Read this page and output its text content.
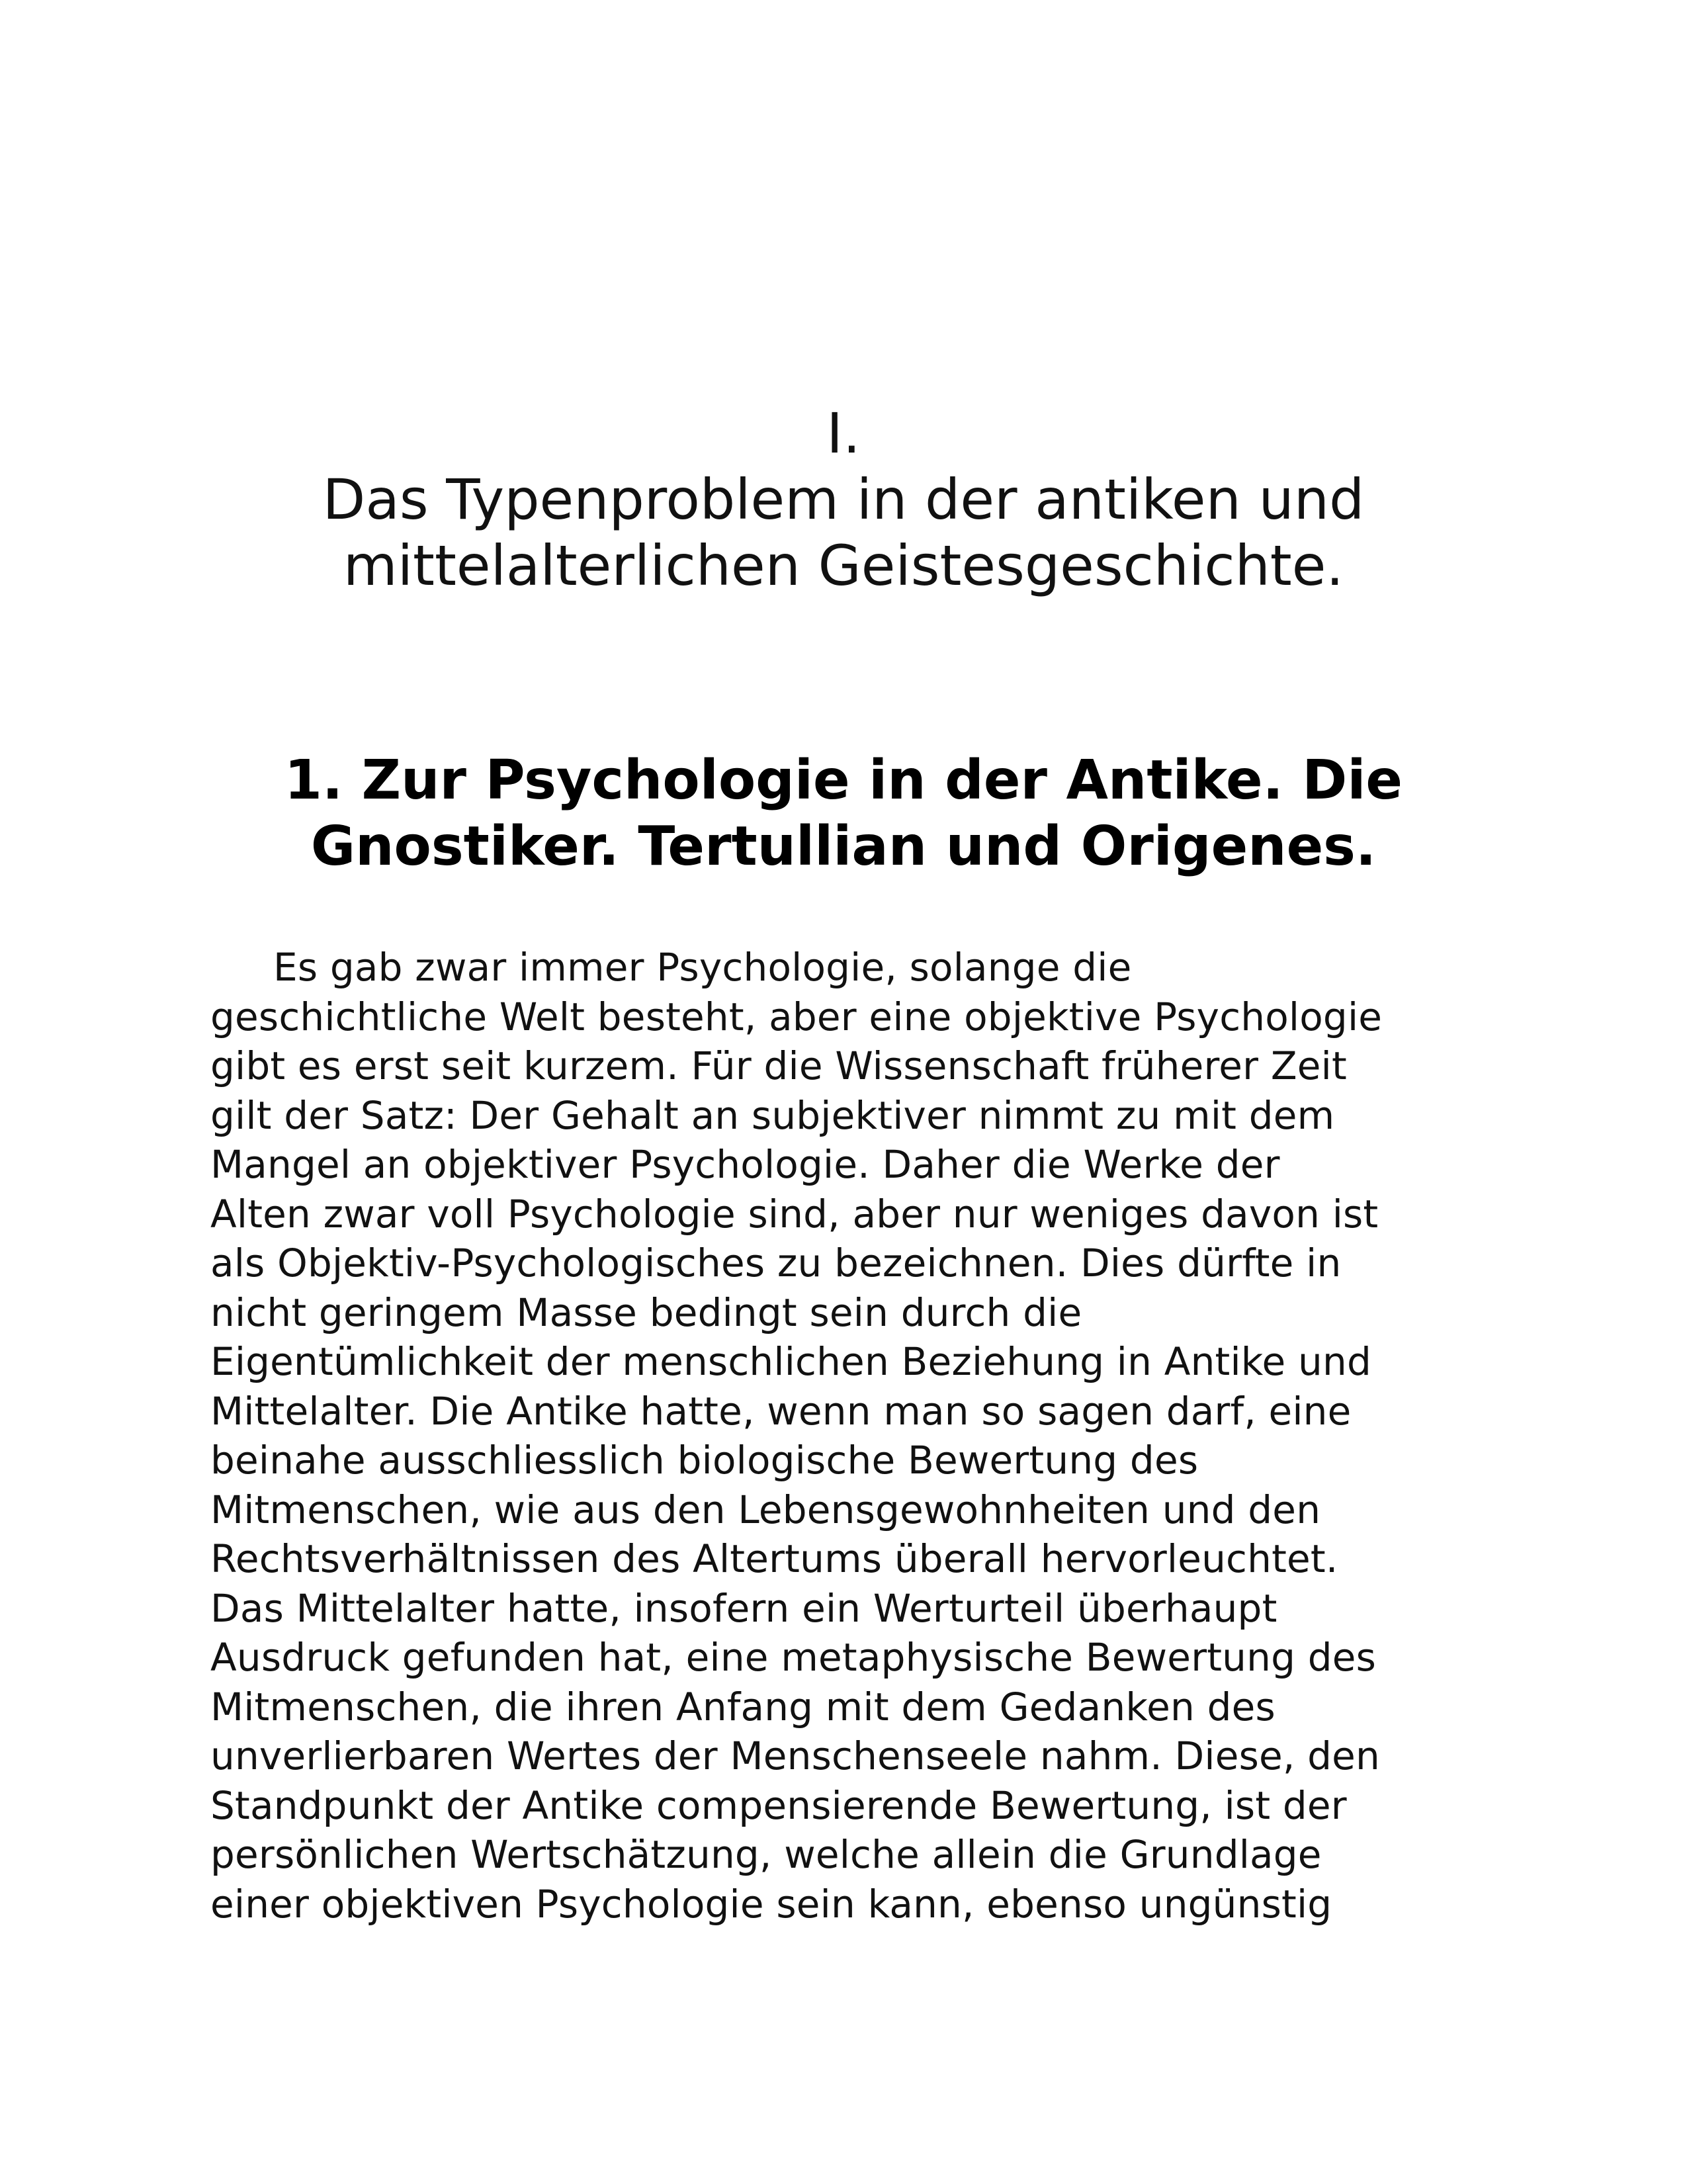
I.
Das Typenproblem in der antiken und
mittelalterlichen Geistesgeschichte.
1. Zur Psychologie in der Antike. Die
Gnostiker. Tertullian und Origenes.
Es gab zwar immer Psychologie, solange die
geschichtliche Welt besteht, aber eine objektive Psychologie
gibt es erst seit kurzem. Für die Wissenschaft früherer Zeit
gilt der Satz: Der Gehalt an subjektiver nimmt zu mit dem
Mangel an objektiver Psychologie. Daher die Werke der
Alten zwar voll Psychologie sind, aber nur weniges davon ist
als Objektiv-Psychologisches zu bezeichnen. Dies dürfte in
nicht geringem Masse bedingt sein durch die
Eigentümlichkeit der menschlichen Beziehung in Antike und
Mittelalter. Die Antike hatte, wenn man so sagen darf, eine
beinahe ausschliesslich biologische Bewertung des
Mitmenschen, wie aus den Lebensgewohnheiten und den
Rechtsverhältnissen des Altertums überall hervorleuchtet.
Das Mittelalter hatte, insofern ein Werturteil überhaupt
Ausdruck gefunden hat, eine metaphysische Bewertung des
Mitmenschen, die ihren Anfang mit dem Gedanken des
unverlierbaren Wertes der Menschenseele nahm. Diese, den
Standpunkt der Antike compensierende Bewertung, ist der
persönlichen Wertschätzung, welche allein die Grundlage
einer objektiven Psychologie sein kann, ebenso ungünstig
